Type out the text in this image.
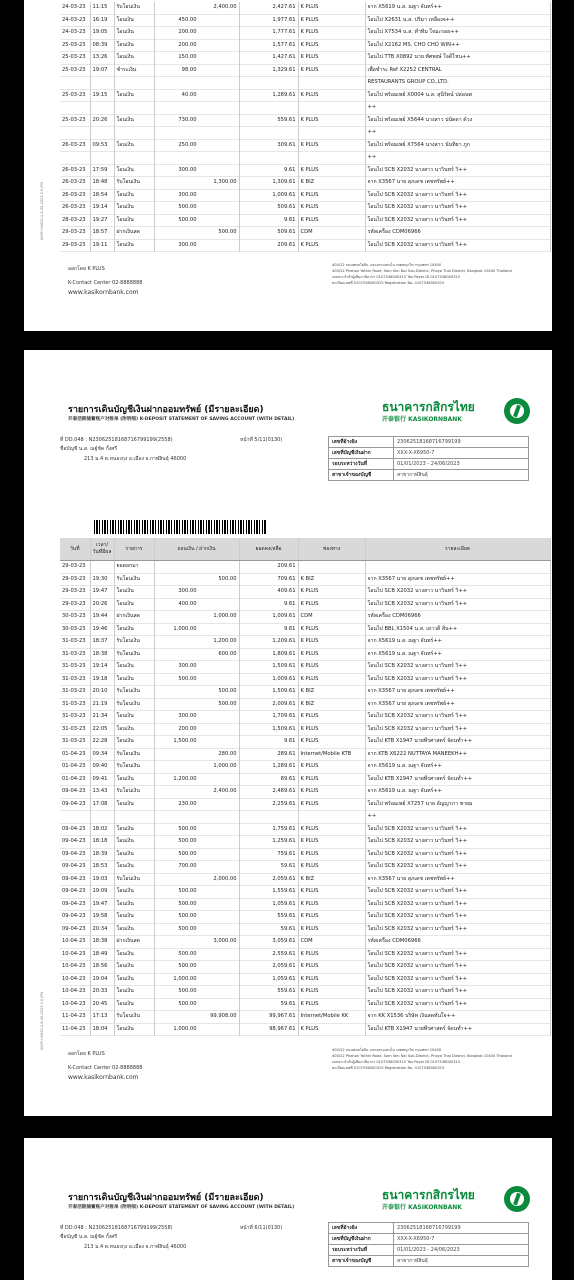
24-03-23	11:15	รับโอนเงิน	2,400.00	2,427.61	K PLUS	จาก X5619 น.ส. ณฐา จันทร์++
24-03-23	16:19	โอนเงิน	450.00	1,977.61	K PLUS	โอนไป X2631 น.ส. ปริมา เหลืองจ++
24-03-23	19:05	โอนเงิน	200.00	1,777.61	K PLUS	โอนไป X7534 น.ส. ทำทิม ใจมะรอย++
25-03-23	08:39	โอนเงิน	200.00	1,577.61	K PLUS	โอนไป X2162 MS. CHO CHO WIN++
25-03-23	13:26	โอนเงิน	150.00	1,427.61	K PLUS	โอนไป TTB X0892 นาย ทัศพงษ์ ใจดีโชน++
25-03-23	19:07	ชำระเงิน	98.00	1,329.61	K PLUS	เพื่อชำระ Ref X2252 CENTRAL
						RESTAURANTS GROUP CO.,LTD.
25-03-23	19:15	โอนเงิน	40.00	1,289.61	K PLUS	โอนไป พร้อมเพย์ X0004 น.ส. สุนีรัตน์ ปล่อนพ
						++
25-03-23	20:26	โอนเงิน	730.00	559.61	K PLUS	โอนไป พร้อมเพย์ X5644 นางสาว ปนัดดา ด้วง
						++
26-03-23	09:53	โอนเงิน	250.00	309.61	K PLUS	โอนไป พร้อมเพย์ X7564 นางสาว นันทิยา ภูก
						++
26-03-23	17:59	โอนเงิน	300.00	9.61	K PLUS	โอนไป SCB X2032 นางสาว นาวินทร์ วิ++
26-03-23	18:48	รับโอนเงิน	1,300.00	1,309.61	K BIZ	จาก X3567 นาย สุภเดช เตชทรัพย์++
26-03-23	18:54	โอนเงิน	300.00	1,009.61	K PLUS	โอนไป SCB X2032 นางสาว นาวินทร์ วิ++
26-03-23	19:14	โอนเงิน	500.00	509.61	K PLUS	โอนไป SCB X2032 นางสาว นาวินทร์ วิ++
28-03-23	19:27	โอนเงิน	500.00	9.61	K PLUS	โอนไป SCB X2032 นางสาว นาวินทร์ วิ++
29-03-23	18:57	ฝากเงินสด	500.00	509.61	CDM	รหัสเครื่อง CDM06966
29-03-23	19:11	โอนเงิน	300.00	209.61	K PLUS	โอนไป SCB X2032 นางสาว นาวินทร์ วิ++
K00P-H4020-1-6-30-2023 4.0 JPN
ออกโดย K PLUS
K-Contact Center 02-8888888
www.kasikornbank.com
400/22 ถนนพหลโยธิน แขวงสามเสนใน เขตพญาไท กรุงเทพฯ 10400
400/22 Phahon Yothin Road, Sam Sen Nai Sub-District, Phaya Thai District, Bangkok 10400 Thailand
เลขประจำตัวผู้เสียภาษีอากร 0107536000315 Tax Payer ID 0107536000315
ทะเบียนเลขที่ 0107536000315 Registration No. 0107536000315
รายการเดินบัญชีเงินฝากออมทรัพย์ (มีรายละเอียด)
开泰活期储蓄账户对账单 (附明细) K-DEPOSIT STATEMENT OF SAVING ACCOUNT (WITH DETAIL)
ที่ DD.048 : N23062518168716799199(2558)	หน้าที่ 5/11(0130)
ชื่อบัญชี น.ส. ณฐ์ชัค กั้งศรี
213 ม.4 ต.หนองกุง อ.เมือง จ.กาฬสินธุ์ 46000
ธนาคารกสิกรไทย
开泰银行 KASIKORNBANK
เลขที่อ้างอิง	23062518168716799199
เลขที่บัญชีเงินฝาก	XXX-X-X6950-7
รอบระหว่างวันที่	01/01/2023 - 24/06/2023
สาขาเจ้าของบัญชี	สาขากาฬสินธุ์
วันที่	เวลา/ วันที่มีผล	รายการ	ถอนเงิน / ฝากเงิน	ยอดคงเหลือ	ช่องทาง	รายละเอียด
29-03-23		ยอดยกมา		209.61		
29-03-23	19:30	รับโอนเงิน	500.00	709.61	K BIZ	จาก X3567 นาย สุภเดช เตชทรัพย์++
29-03-23	19:47	โอนเงิน	300.00	409.61	K PLUS	โอนไป SCB X2032 นางสาว นาวินทร์ วิ++
29-03-23	20:26	โอนเงิน	400.00	9.61	K PLUS	โอนไป SCB X2032 นางสาว นาวินทร์ วิ++
30-03-23	19:44	ฝากเงินสด	1,000.00	1,009.61	CDM	รหัสเครื่อง CDM06966
30-03-23	19:46	โอนเงิน	1,000.00	9.61	K PLUS	โอนไป BBL X1504 น.ส. เยาวดี สีน++
31-03-23	18:37	รับโอนเงิน	1,200.00	1,209.61	K PLUS	จาก X5619 น.ส. ณฐา จันทร์++
31-03-23	18:38	รับโอนเงิน	600.00	1,809.61	K PLUS	จาก X5619 น.ส. ณฐา จันทร์++
31-03-23	19:14	โอนเงิน	300.00	1,509.61	K PLUS	โอนไป SCB X2032 นางสาว นาวินทร์ วิ++
31-03-23	19:18	โอนเงิน	500.00	1,009.61	K PLUS	โอนไป SCB X2032 นางสาว นาวินทร์ วิ++
31-03-23	20:10	รับโอนเงิน	500.00	1,509.61	K BIZ	จาก X3567 นาย สุภเดช เตชทรัพย์++
31-03-23	21:19	รับโอนเงิน	500.00	2,009.61	K BIZ	จาก X3567 นาย สุภเดช เตชทรัพย์++
31-03-23	21:34	โอนเงิน	300.00	1,709.61	K PLUS	โอนไป SCB X2032 นางสาว นาวินทร์ วิ++
31-03-23	22:05	โอนเงิน	200.00	1,509.61	K PLUS	โอนไป SCB X2032 นางสาว นาวินทร์ วิ++
31-03-23	22:28	โอนเงิน	1,500.00	9.61	K PLUS	โอนไป KTB X1947 นายพีรศาสตร์ จัดนท่ำ++
01-04-23	09:34	รับโอนเงิน	280.00	289.61	Internet/Mobile KTB	จาก KTB X6222 NUTTAYA MANEEKH++
01-04-23	09:40	รับโอนเงิน	1,000.00	1,289.61	K PLUS	จาก X5619 น.ส. ณฐา จันทร์++
01-04-23	09:41	โอนเงิน	1,200.00	89.61	K PLUS	โอนไป KTB X1947 นายพีรศาสตร์ จัดนท่ำ++
09-04-23	13:43	รับโอนเงิน	2,400.00	2,489.61	K PLUS	จาก X5619 น.ส. ณฐา จันทร์++
09-04-23	17:08	โอนเงิน	230.00	2,259.61	K PLUS	โอนไป พร้อมเพย์ X7257 นาย อัญญาภา ชายม
						++
09-04-23	18:02	โอนเงิน	500.00	1,759.61	K PLUS	โอนไป SCB X2032 นางสาว นาวินทร์ วิ++
09-04-23	18:18	โอนเงิน	500.00	1,259.61	K PLUS	โอนไป SCB X2032 นางสาว นาวินทร์ วิ++
09-04-23	18:39	โอนเงิน	500.00	759.61	K PLUS	โอนไป SCB X2032 นางสาว นาวินทร์ วิ++
09-04-23	18:53	โอนเงิน	700.00	59.61	K PLUS	โอนไป SCB X2032 นางสาว นาวินทร์ วิ++
09-04-23	19:03	รับโอนเงิน	2,000.00	2,059.61	K BIZ	จาก X3567 นาย สุภเดช เตชทรัพย์++
09-04-23	19:09	โอนเงิน	500.00	1,559.61	K PLUS	โอนไป SCB X2032 นางสาว นาวินทร์ วิ++
09-04-23	19:47	โอนเงิน	500.00	1,059.61	K PLUS	โอนไป SCB X2032 นางสาว นาวินทร์ วิ++
09-04-23	19:58	โอนเงิน	500.00	559.61	K PLUS	โอนไป SCB X2032 นางสาว นาวินทร์ วิ++
09-04-23	20:34	โอนเงิน	500.00	59.61	K PLUS	โอนไป SCB X2032 นางสาว นาวินทร์ วิ++
10-04-23	18:38	ฝากเงินสด	3,000.00	3,059.61	CDM	รหัสเครื่อง CDM06966
10-04-23	18:49	โอนเงิน	500.00	2,559.61	K PLUS	โอนไป SCB X2032 นางสาว นาวินทร์ วิ++
10-04-23	18:56	โอนเงิน	500.00	2,059.61	K PLUS	โอนไป SCB X2032 นางสาว นาวินทร์ วิ++
10-04-23	19:04	โอนเงิน	1,000.00	1,059.61	K PLUS	โอนไป SCB X2032 นางสาว นาวินทร์ วิ++
10-04-23	20:33	โอนเงิน	500.00	559.61	K PLUS	โอนไป SCB X2032 นางสาว นาวินทร์ วิ++
10-04-23	20:45	โอนเงิน	500.00	59.61	K PLUS	โอนไป SCB X2032 นางสาว นาวินทร์ วิ++
11-04-23	17:13	รับโอนเงิน	99,908.00	99,967.61	Internet/Mobile KK	จาก KK X1536 บริษัท เงินสดทันใจ++
11-04-23	18:04	โอนเงิน	1,000.00	98,967.61	K PLUS	โอนไป KTB X1947 นายพีรศาสตร์ จัดนท่ำ++
K00P-H4020-1-6-30-2023 4.0 JPN
ออกโดย K PLUS
K-Contact Center 02-8888888
www.kasikornbank.com
400/22 ถนนพหลโยธิน แขวงสามเสนใน เขตพญาไท กรุงเทพฯ 10400
400/22 Phahon Yothin Road, Sam Sen Nai Sub-District, Phaya Thai District, Bangkok 10400 Thailand
เลขประจำตัวผู้เสียภาษีอากร 0107536000315 Tax Payer ID 0107536000315
ทะเบียนเลขที่ 0107536000315 Registration No. 0107536000315
รายการเดินบัญชีเงินฝากออมทรัพย์ (มีรายละเอียด)
开泰活期储蓄账户对账单 (附明细) K-DEPOSIT STATEMENT OF SAVING ACCOUNT (WITH DETAIL)
ที่ DD.048 : N23062518168716799199(2558)	หน้าที่ 6/11(0130)
ชื่อบัญชี น.ส. ณฐ์ชัค กั้งศรี
213 ม.4 ต.หนองกุง อ.เมือง จ.กาฬสินธุ์ 46000
ธนาคารกสิกรไทย
开泰银行 KASIKORNBANK
เลขที่อ้างอิง	23062518168716799199
เลขที่บัญชีเงินฝาก	XXX-X-X6950-7
รอบระหว่างวันที่	01/01/2023 - 24/06/2023
สาขาเจ้าของบัญชี	สาขากาฬสินธุ์
